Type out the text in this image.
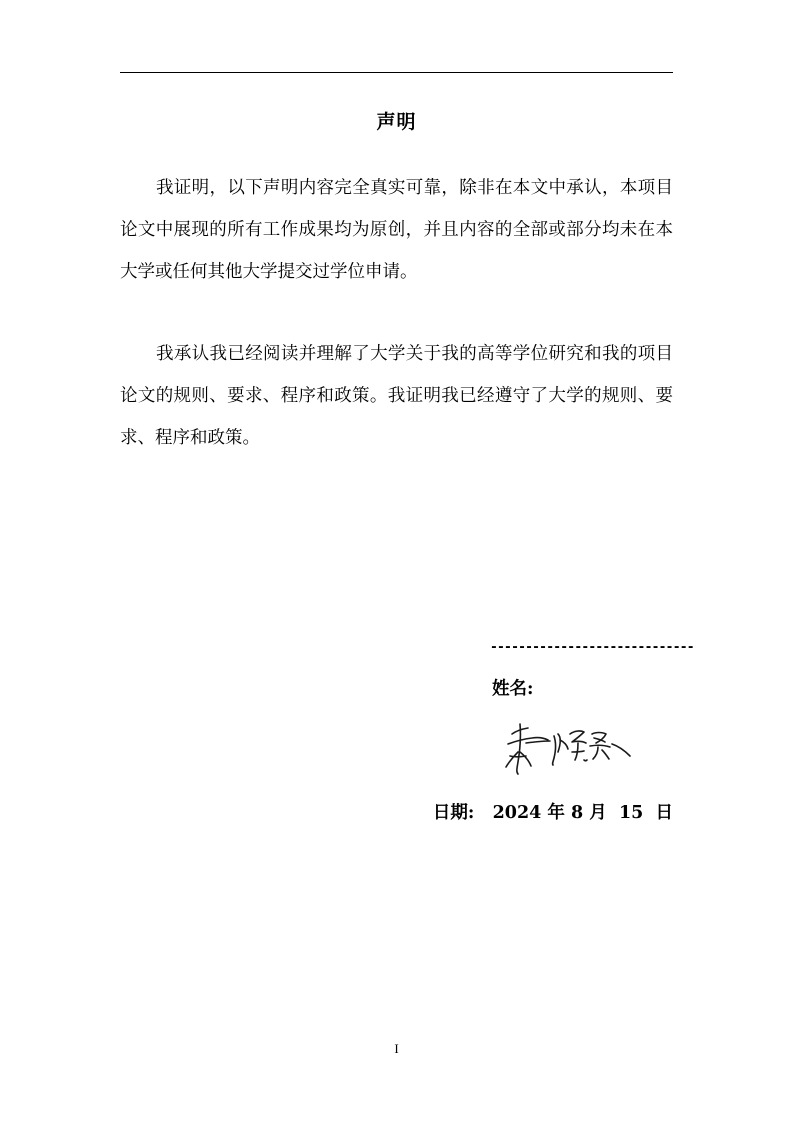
声明

我证明，以下声明内容完全真实可靠，除非在本文中承认，本项目论文中展现的所有工作成果均为原创，并且内容的全部或部分均未在本大学或任何其他大学提交过学位申请。

我承认我已经阅读并理解了大学关于我的高等学位研究和我的项目论文的规则、要求、程序和政策。我证明我已经遵守了大学的规则、要求、程序和政策。

-----------------------------
姓名:
日期: 2024 年 8 月  15  日
I
